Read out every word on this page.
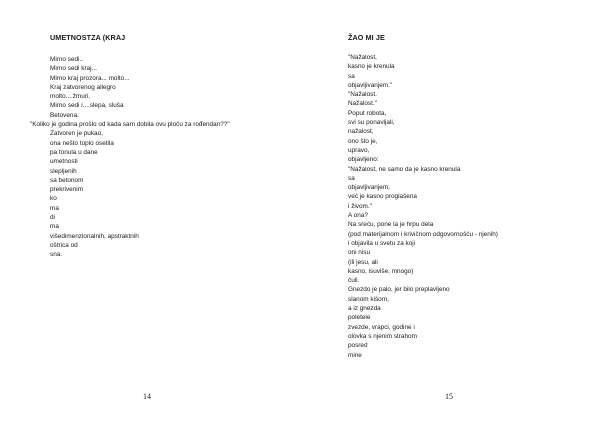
UMETNOSTZA (KRAJ
Mirno sedi..
Mirno sedi kraj...
Mirno kraj prozora... molto...
Kraj zatvorenog allegro
molto....žmuri.
Mirno sedi i....slepa, sluša
Betovena.
"Koliko je godina prošlo od kada sam dobila ovu ploču za rođendan??"
Zatvoren je pukao,
ona nešto toplo osetila
pa tonula u dane
umetnosti
slepljenih
sa betonom
prekrivenim
ko
ma
di
ma
višedimenzionalnih, apstraktnih
oštrica od
sna.
14
ŽAO MI JE
"Nažalost,
kasno je krenula
sa
objavljivanjem."
"Nažalost.
Nažalost."
Poput robota,
svi su ponavljali,
nažalost,
ono što je,
upravo,
objavljeno:
"Nažalost, ne samo da je kasno krenula
sa
objavljivanjem,
već je kasno proglašena
i živom."
A ona?
Na sreću, pone la je hrpu dela
(pod materijalnom i krivičnom odgovornošću - njenih)
i objavila u svetu za koji
oni nisu
(ili jesu, ali
kasno, isuviše, mnogo)
čuli.
Gnezdo je palo, jer bilo preplavljeno
slanom kišom,
a iz gnezda
poletele
zvezde, vrapci, godine i
olovka s njenim strahom
posred
mine
15
